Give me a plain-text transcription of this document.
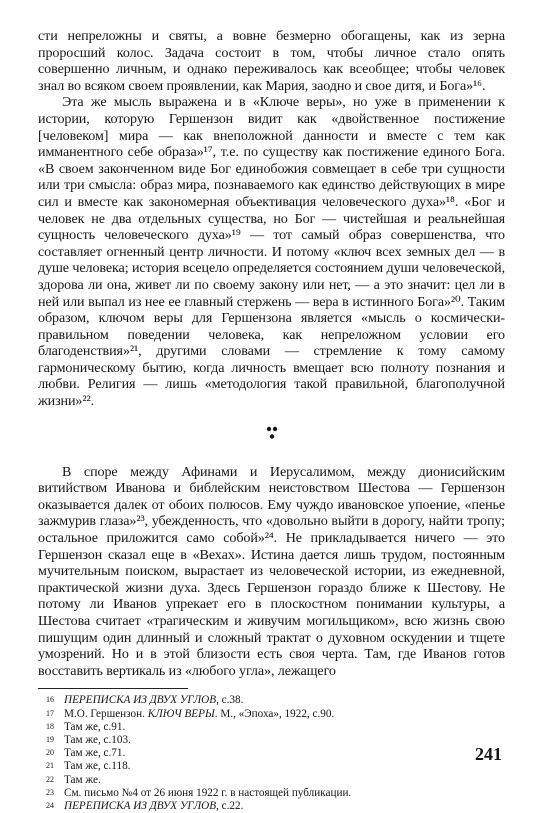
сти непреложны и святы, а вовне безмерно обогащены, как из зерна проросший колос. Задача состоит в том, чтобы личное стало опять совершенно личным, и однако переживалось как всеобщее; чтобы человек знал во всяком своем проявлении, как Мария, заодно и свое дитя, и Бога»¹⁶.

Эта же мысль выражена и в «Ключе веры», но уже в применении к истории, которую Гершензон видит как «двойственное постижение [человеком] мира — как внеположной данности и вместе с тем как имманентного себе образа»¹⁷, т.е. по существу как постижение единого Бога. «В своем законченном виде Бог единобожия совмещает в себе три сущности или три смысла: образ мира, познаваемого как единство действующих в мире сил и вместе как закономерная объективация человеческого духа»¹⁸. «Бог и человек не два отдельных существа, но Бог — чистейшая и реальнейшая сущность человеческого духа»¹⁹ — тот самый образ совершенства, что составляет огненный центр личности. И потому «ключ всех земных дел — в душе человека; история всецело определяется состоянием души человеческой, здорова ли она, живет ли по своему закону или нет, — а это значит: цел ли в ней или выпал из нее ее главный стержень — вера в истинного Бога»²⁰. Таким образом, ключом веры для Гершензона является «мысль о космически-правильном поведении человека, как непреложном условии его благоденствия»²¹, другими словами — стремление к тому самому гармоническому бытию, когда личность вмещает всю полноту познания и любви. Религия — лишь «методология такой правильной, благополучной жизни»²².

В споре между Афинами и Иерусалимом, между дионисийским витийством Иванова и библейским неистовством Шестова — Гершензон оказывается далек от обоих полюсов. Ему чуждо ивановское упоение, «пенье зажмурив глаза»²³, убежденность, что «довольно выйти в дорогу, найти тропу; остальное приложится само собой»²⁴. Не прикладывается ничего — это Гершензон сказал еще в «Вехах». Истина дается лишь трудом, постоянным мучительным поиском, вырастает из человеческой истории, из ежедневной, практической жизни духа. Здесь Гершензон гораздо ближе к Шестову. Не потому ли Иванов упрекает его в плоскостном понимании культуры, а Шестова считает «трагическим и живучим могильщиком», всю жизнь свою пишущим один длинный и сложный трактат о духовном оскудении и тщете умозрений. Но и в этой близости есть своя черта. Там, где Иванов готов восставить вертикаль из «любого угла», лежащего

16 ПЕРЕПИСКА ИЗ ДВУХ УГЛОВ, с.38.
17 М.О. Гершензон. КЛЮЧ ВЕРЫ. М., «Эпоха», 1922, с.90.
18 Там же, с.91.
19 Там же, с.103.
20 Там же, с.71.
21 Там же, с.118.
22 Там же.
23 См. письмо №4 от 26 июня 1922 г. в настоящей публикации.
24 ПЕРЕПИСКА ИЗ ДВУХ УГЛОВ, с.22.
241
